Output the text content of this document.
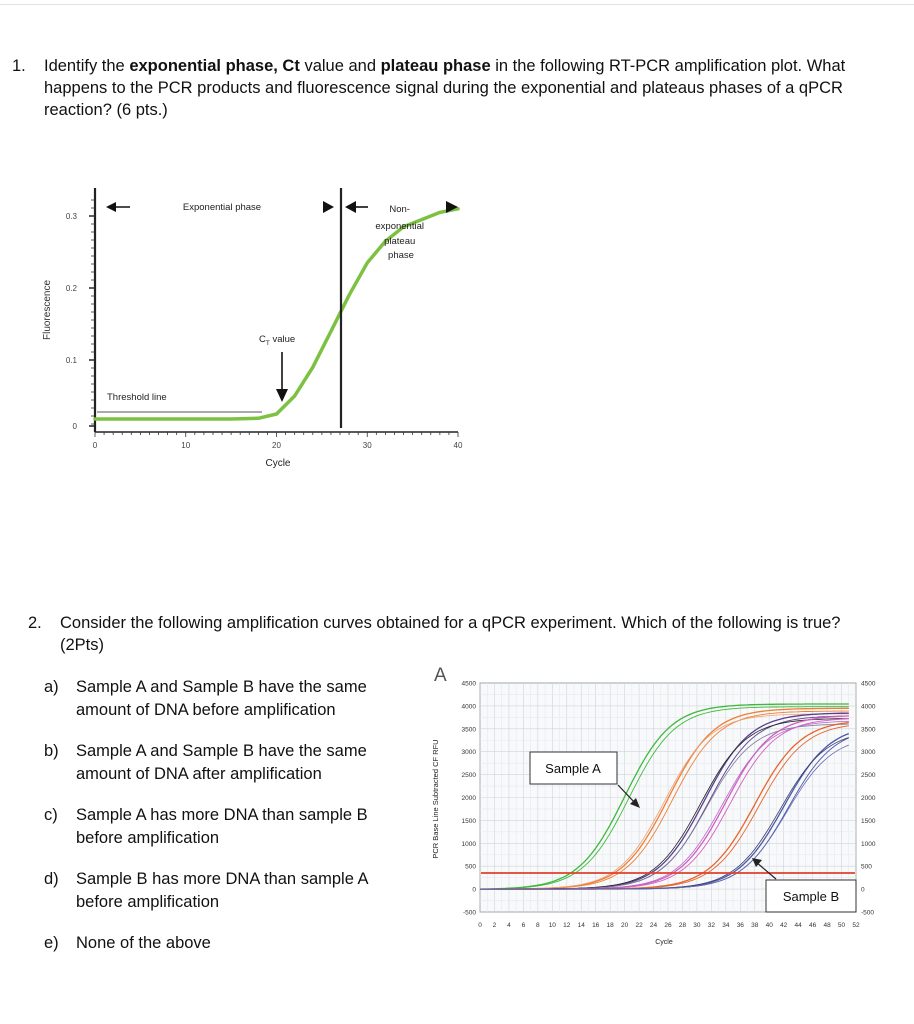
1. Identify the exponential phase, Ct value and plateau phase in the following RT-PCR amplification plot. What happens to the PCR products and fluorescence signal during the exponential and plateaus phases of a qPCR reaction? (6 pts.)
Fluorescence
0
0.1
0.2
0.3
0	10	20	30	40
Threshold line
Exponential phase	Non- exponential plateau phase
$C_T$ value
Cycle
2. Consider the following amplification curves obtained for a qPCR experiment. Which of the following is true? (2Pts)
a) Sample A and Sample B have the same amount of DNA before amplification
b) Sample A and Sample B have the same amount of DNA after amplification
c) Sample A has more DNA than sample B before amplification
d) Sample B has more DNA than sample A before amplification
e) None of the above
A
PCR Base Line Subtracted CF RFU
-500	-500
0	0
500	500
1000	1000
1500	1500
2000	2000
2500	2500
3000	3000
3500	3500
4000	4000
4500	4500
0 2 4 6 8 10 12 14 16 18 20 22 24 26 28 30 32 34 36 38 40 42 44 46 48 50 52
Sample A
Sample B
Cycle
